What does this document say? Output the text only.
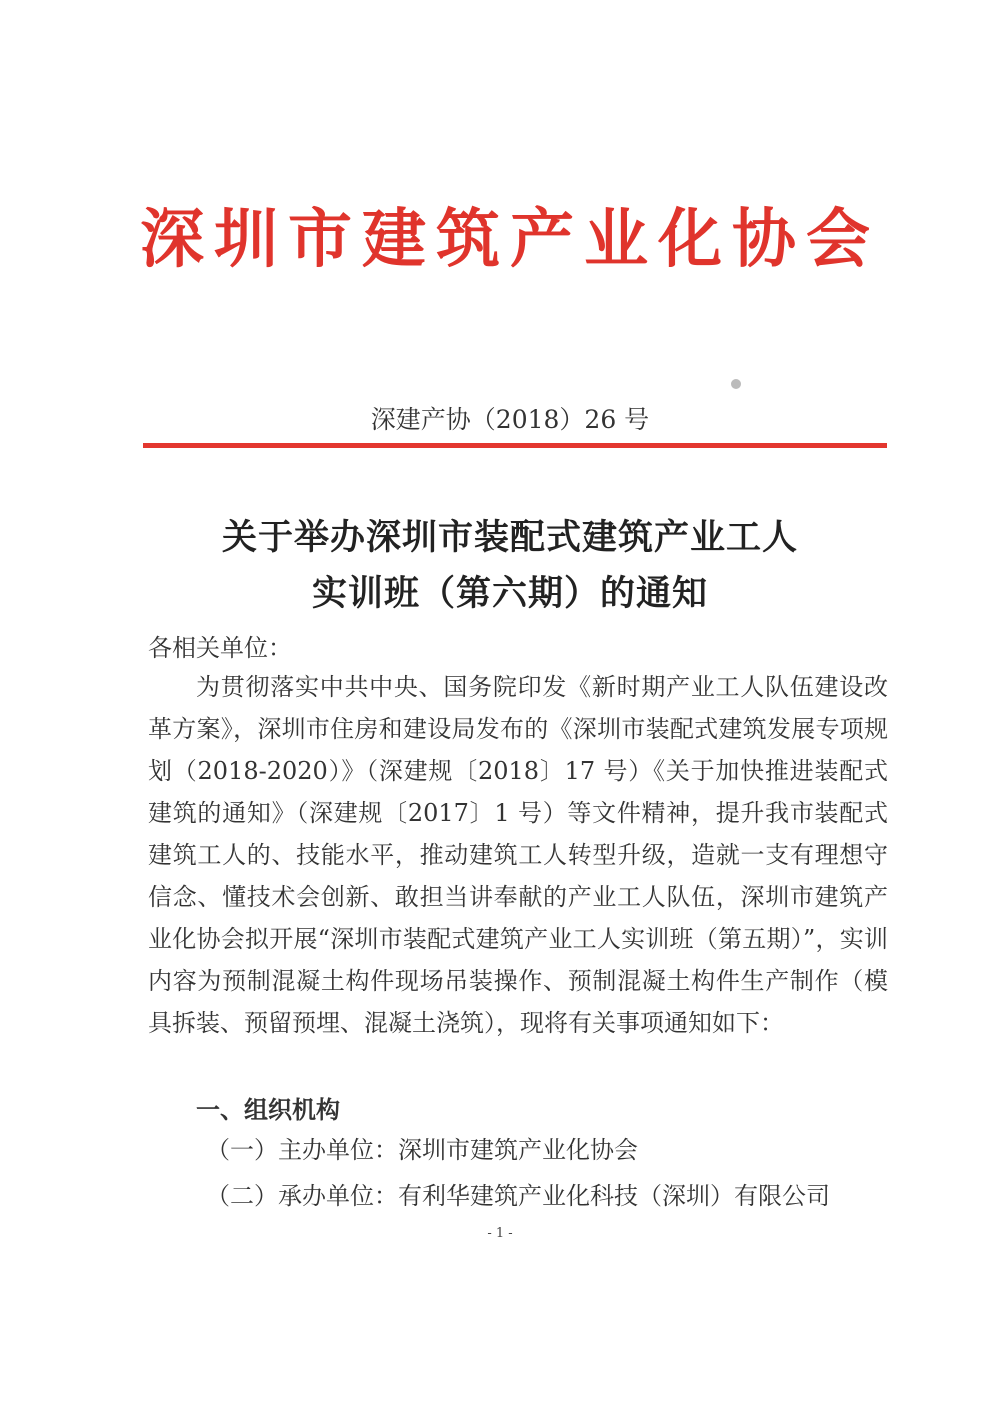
深圳市建筑产业化协会
深建产协（2018）26 号
关于举办深圳市装配式建筑产业工人
实训班（第六期）的通知
各相关单位：
为贯彻落实中共中央、国务院印发《新时期产业工人队伍建设改革方案》，深圳市住房和建设局发布的《深圳市装配式建筑发展专项规划（2018-2020）》（深建规〔2018〕17 号）《关于加快推进装配式建筑的通知》（深建规〔2017〕1 号）等文件精神，提升我市装配式建筑工人的、技能水平，推动建筑工人转型升级，造就一支有理想守信念、懂技术会创新、敢担当讲奉献的产业工人队伍，深圳市建筑产业化协会拟开展“深圳市装配式建筑产业工人实训班（第五期）”，实训内容为预制混凝土构件现场吊装操作、预制混凝土构件生产制作（模具拆装、预留预埋、混凝土浇筑），现将有关事项通知如下：
一、组织机构
（一）主办单位：深圳市建筑产业化协会
（二）承办单位：有利华建筑产业化科技（深圳）有限公司
- 1 -
